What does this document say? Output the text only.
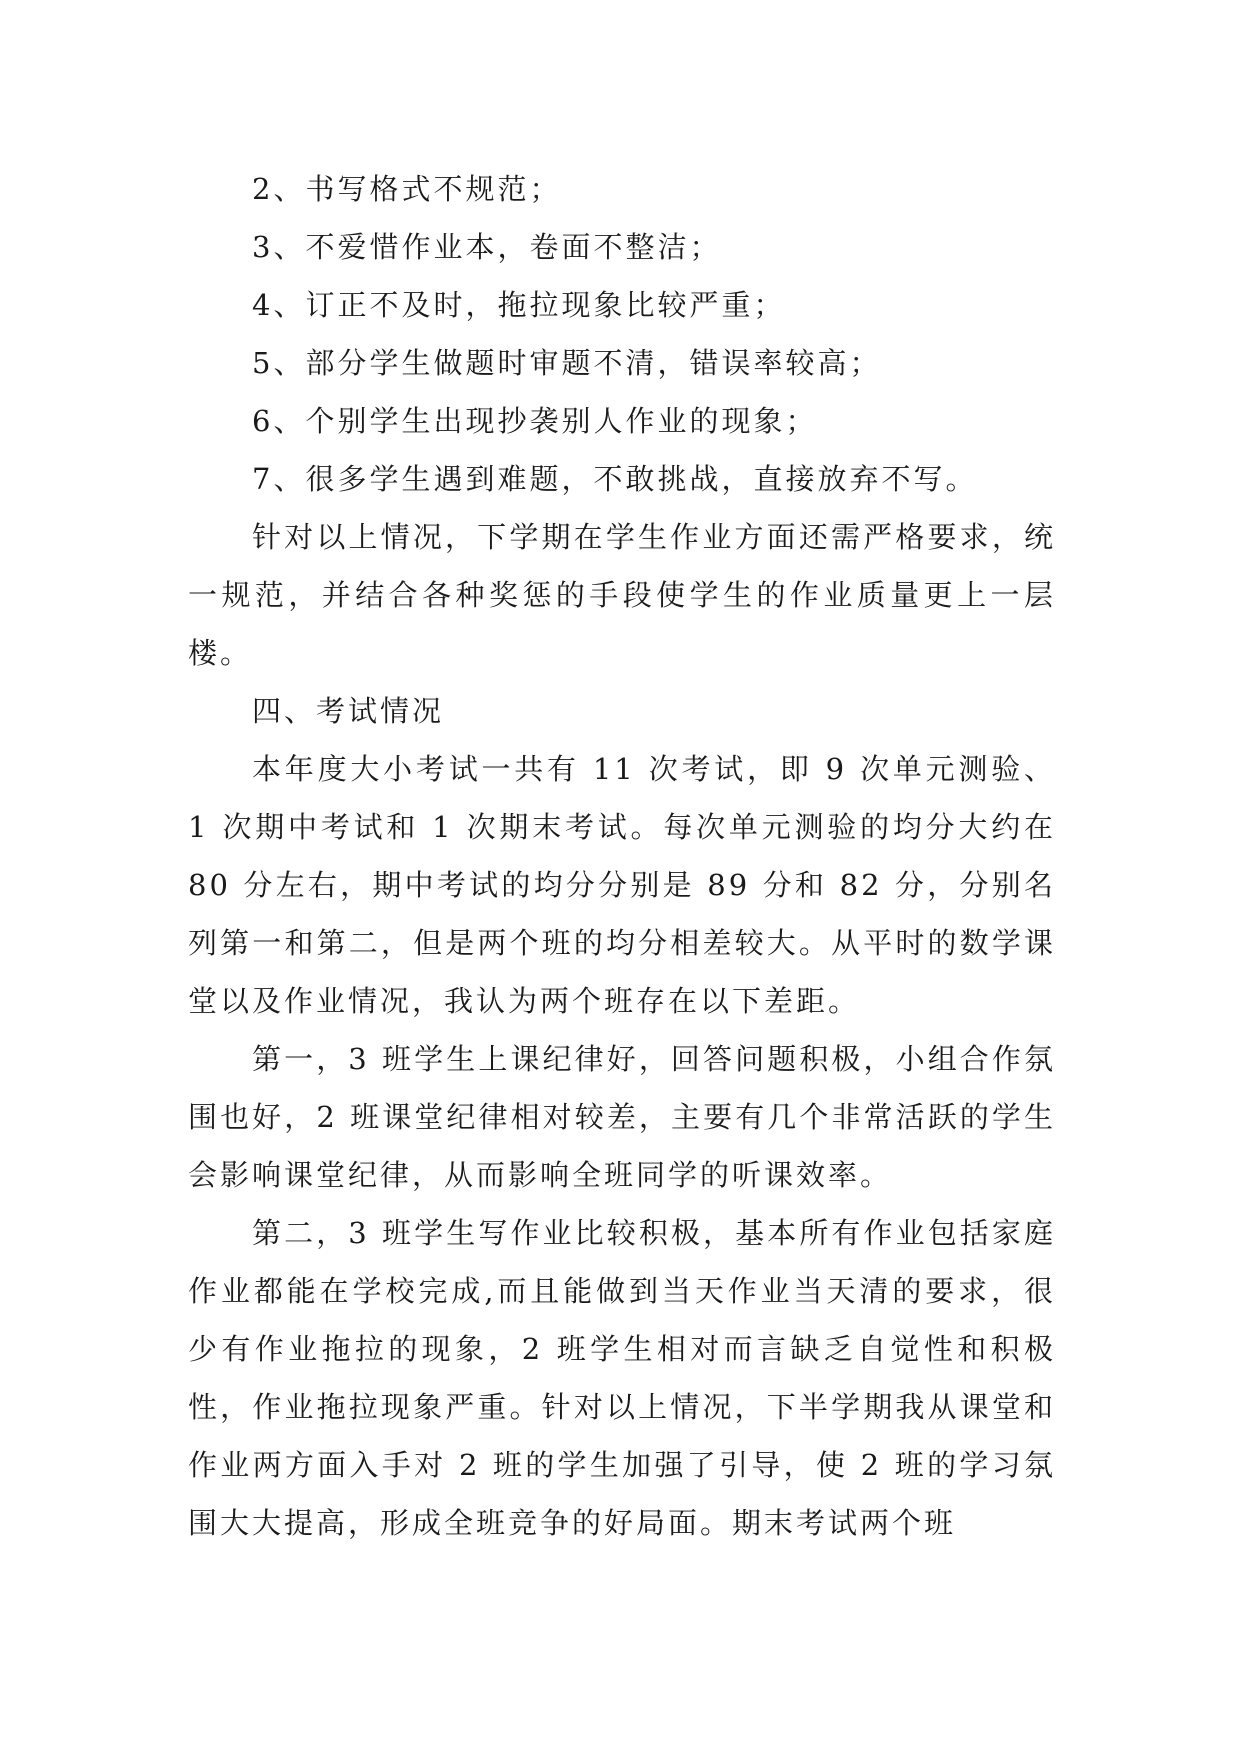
2、书写格式不规范；

3、不爱惜作业本，卷面不整洁；

4、订正不及时，拖拉现象比较严重；

5、部分学生做题时审题不清，错误率较高；

6、个别学生出现抄袭别人作业的现象；

7、很多学生遇到难题，不敢挑战，直接放弃不写。

针对以上情况，下学期在学生作业方面还需严格要求，统一规范，并结合各种奖惩的手段使学生的作业质量更上一层楼。

四、考试情况

本年度大小考试一共有 11 次考试，即 9 次单元测验、1 次期中考试和 1 次期末考试。每次单元测验的均分大约在 80 分左右，期中考试的均分分别是 89 分和 82 分，分别名列第一和第二，但是两个班的均分相差较大。从平时的数学课堂以及作业情况，我认为两个班存在以下差距。

第一，3 班学生上课纪律好，回答问题积极，小组合作氛围也好，2 班课堂纪律相对较差，主要有几个非常活跃的学生会影响课堂纪律，从而影响全班同学的听课效率。

第二，3 班学生写作业比较积极，基本所有作业包括家庭作业都能在学校完成,而且能做到当天作业当天清的要求，很少有作业拖拉的现象，2 班学生相对而言缺乏自觉性和积极性，作业拖拉现象严重。针对以上情况，下半学期我从课堂和作业两方面入手对 2 班的学生加强了引导，使 2 班的学习氛围大大提高，形成全班竞争的好局面。期末考试两个班
